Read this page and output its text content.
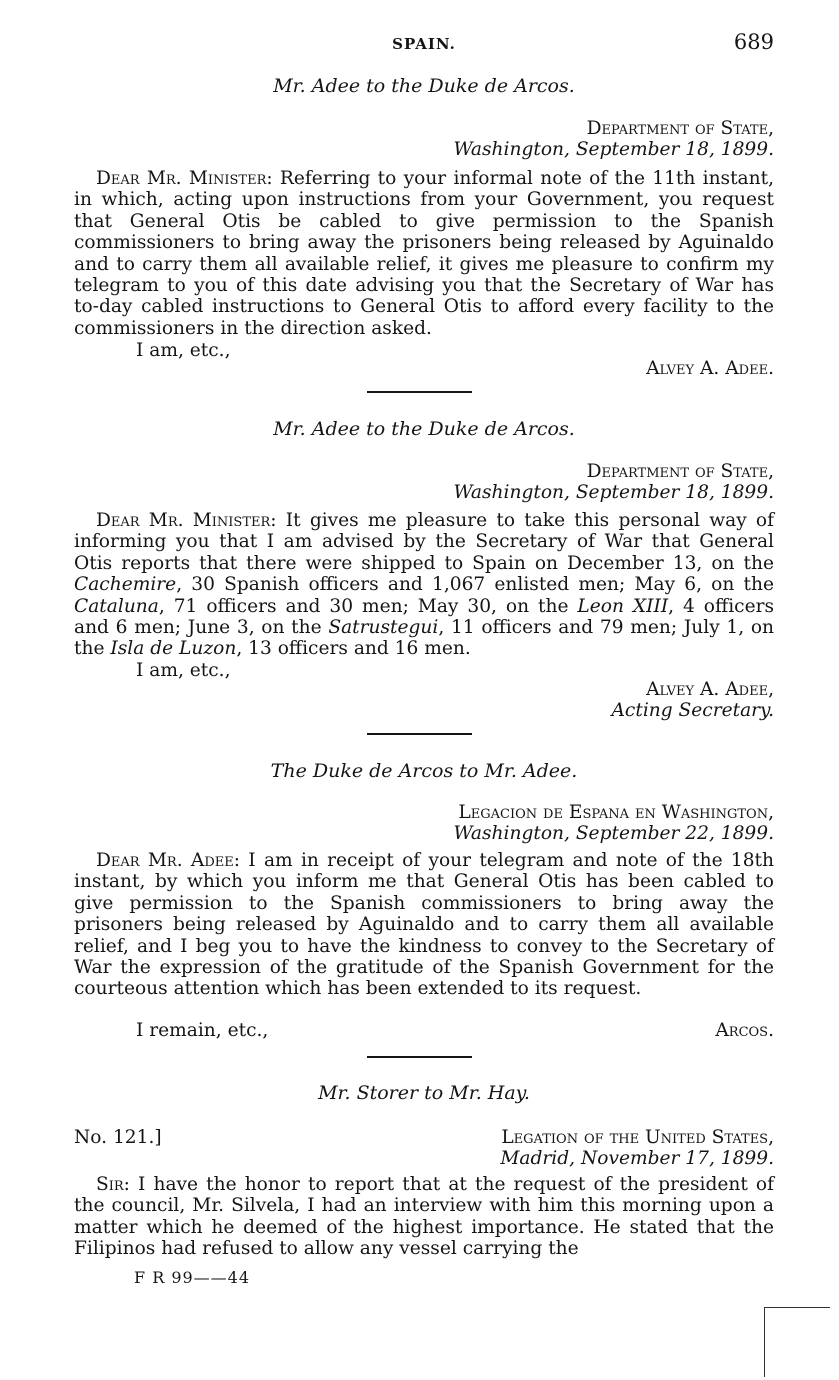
SPAIN.	689
Mr. Adee to the Duke de Arcos.
Department of State,
Washington, September 18, 1899.
Dear Mr. Minister: Referring to your informal note of the 11th instant, in which, acting upon instructions from your Government, you request that General Otis be cabled to give permission to the Spanish commissioners to bring away the prisoners being released by Aguinaldo and to carry them all available relief, it gives me pleasure to confirm my telegram to you of this date advising you that the Secretary of War has to-day cabled instructions to General Otis to afford every facility to the commissioners in the direction asked.
I am, etc.,
Alvey A. Adee.
Mr. Adee to the Duke de Arcos.
Department of State,
Washington, September 18, 1899.
Dear Mr. Minister: It gives me pleasure to take this personal way of informing you that I am advised by the Secretary of War that General Otis reports that there were shipped to Spain on December 13, on the Cachemire, 30 Spanish officers and 1,067 enlisted men; May 6, on the Cataluna, 71 officers and 30 men; May 30, on the Leon XIII, 4 officers and 6 men; June 3, on the Satrustegui, 11 officers and 79 men; July 1, on the Isla de Luzon, 13 officers and 16 men.
I am, etc.,
Alvey A. Adee,
Acting Secretary.
The Duke de Arcos to Mr. Adee.
Legacion de Espana en Washington,
Washington, September 22, 1899.
Dear Mr. Adee: I am in receipt of your telegram and note of the 18th instant, by which you inform me that General Otis has been cabled to give permission to the Spanish commissioners to bring away the prisoners being released by Aguinaldo and to carry them all available relief, and I beg you to have the kindness to convey to the Secretary of War the expression of the gratitude of the Spanish Government for the courteous attention which has been extended to its request.
I remain, etc.,	Arcos.
Mr. Storer to Mr. Hay.
No. 121.]	Legation of the United States,
Madrid, November 17, 1899.
Sir: I have the honor to report that at the request of the president of the council, Mr. Silvela, I had an interview with him this morning upon a matter which he deemed of the highest importance. He stated that the Filipinos had refused to allow any vessel carrying the
F R 99——44
